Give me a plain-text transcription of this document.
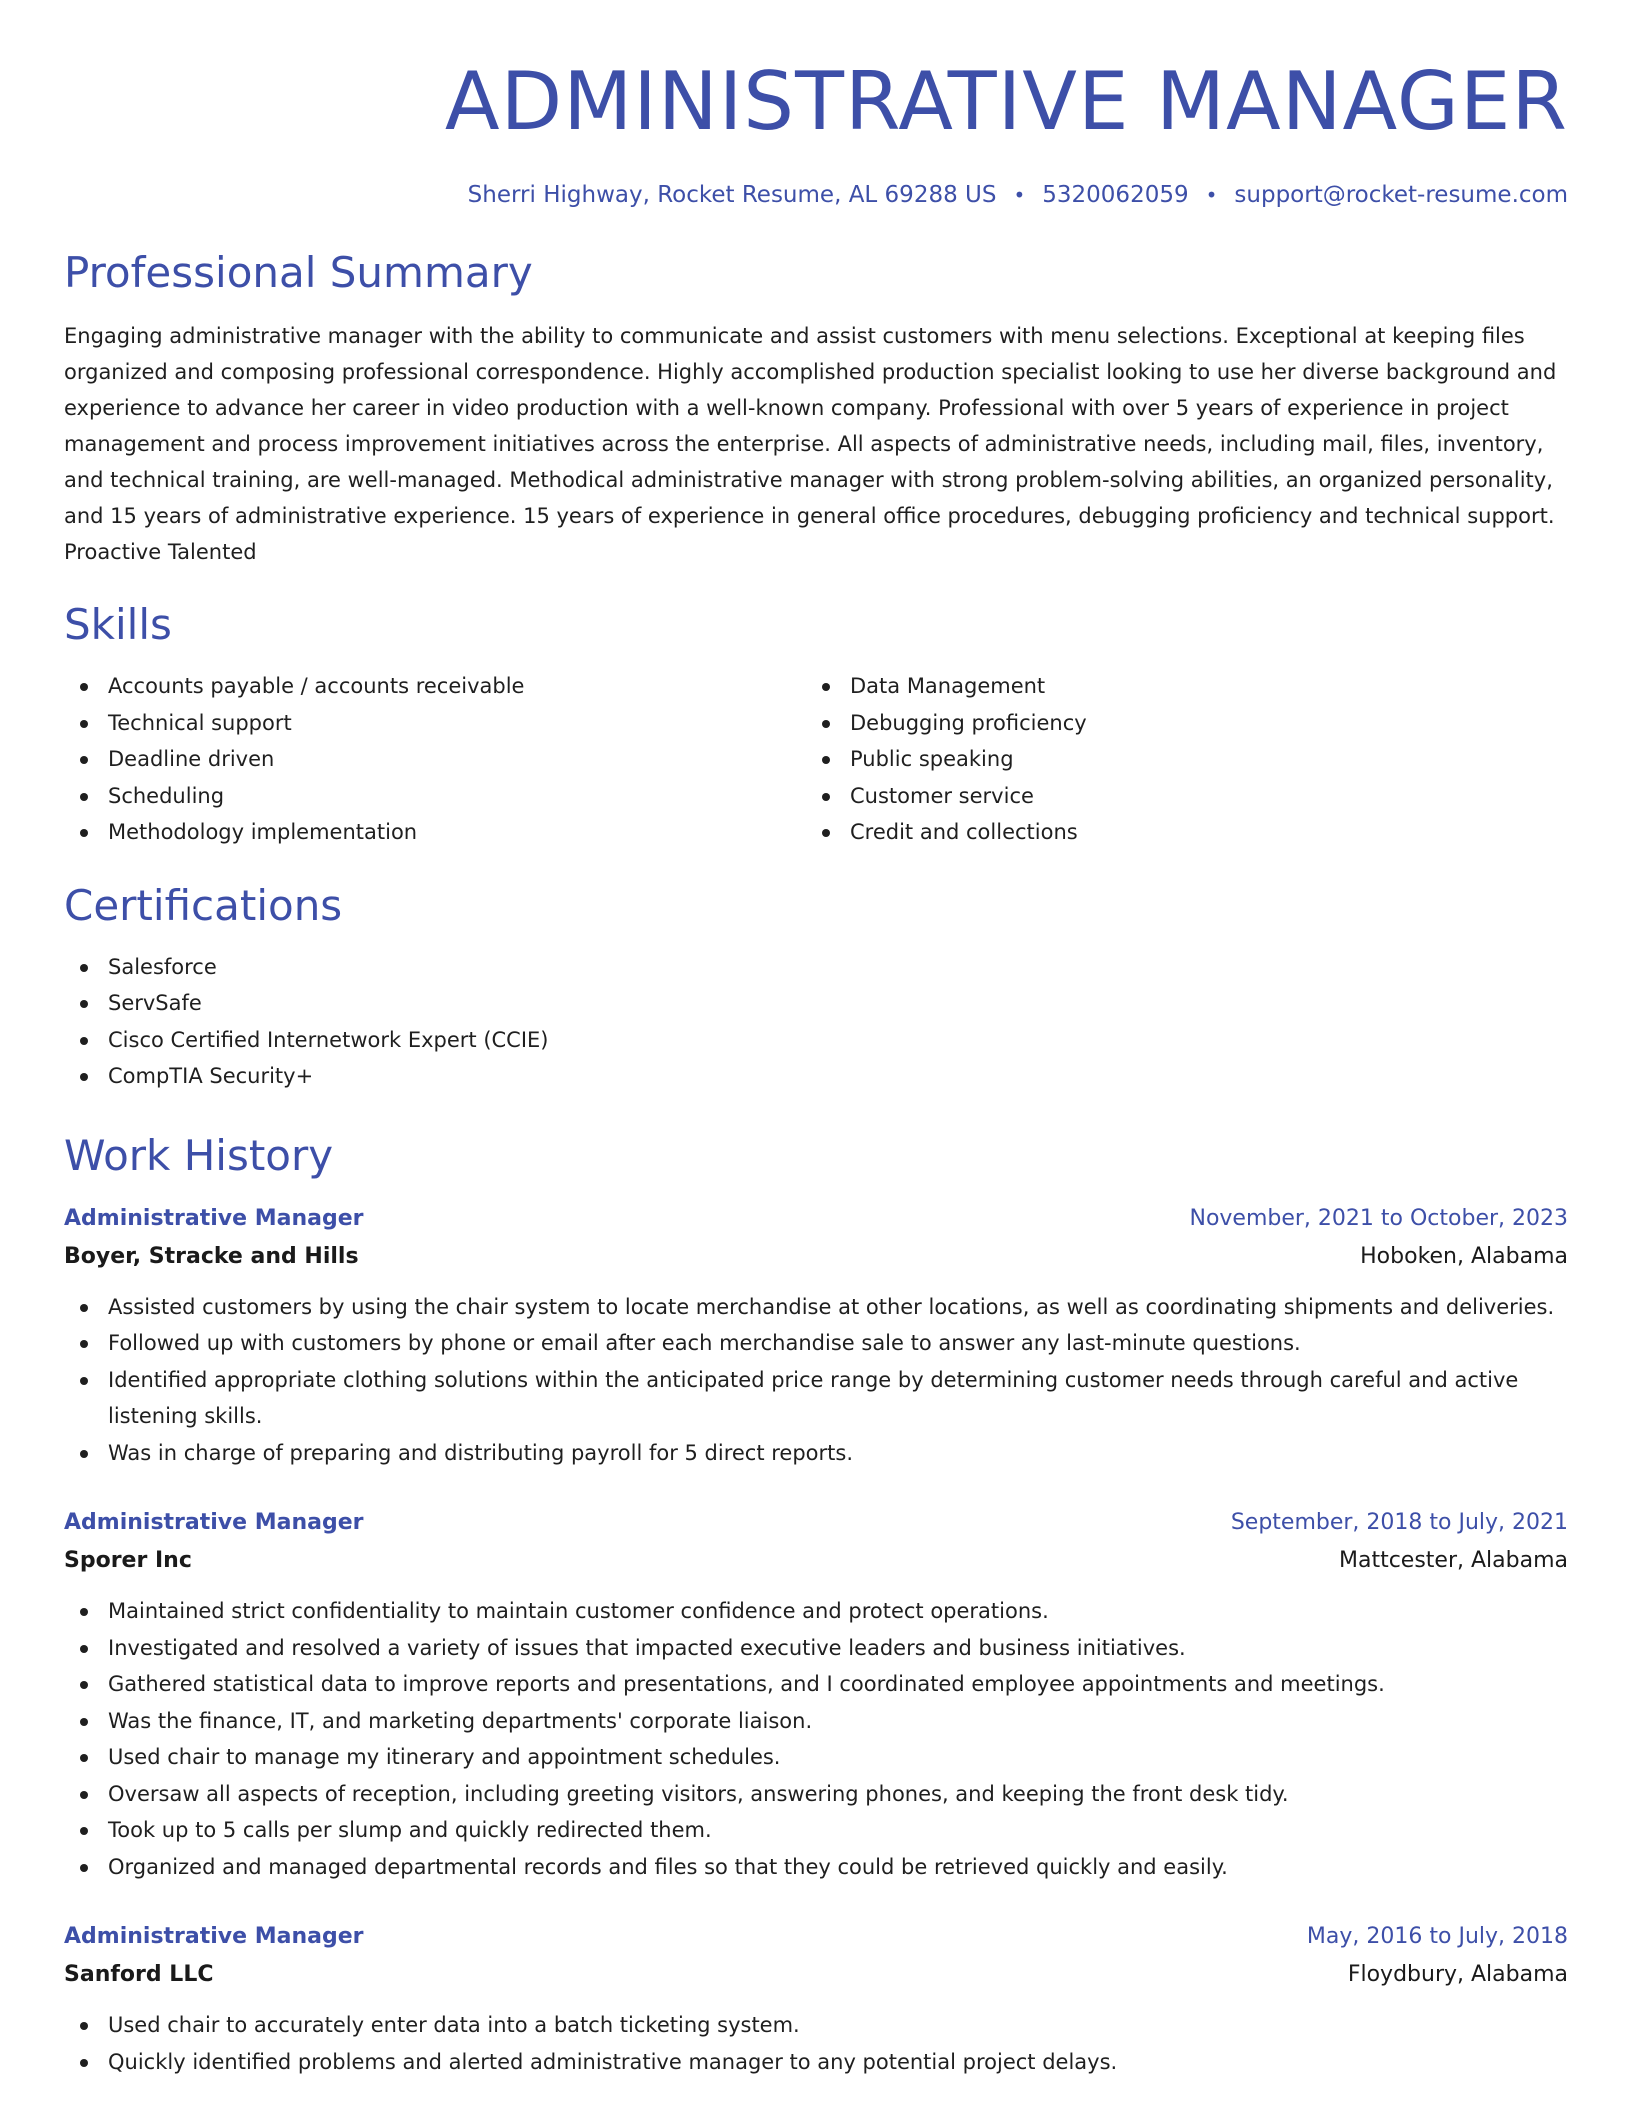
ADMINISTRATIVE MANAGER
Sherri Highway, Rocket Resume, AL 69288 US • 5320062059 • support@rocket-resume.com
Professional Summary
Engaging administrative manager with the ability to communicate and assist customers with menu selections. Exceptional at keeping files organized and composing professional correspondence. Highly accomplished production specialist looking to use her diverse background and experience to advance her career in video production with a well-known company. Professional with over 5 years of experience in project management and process improvement initiatives across the enterprise. All aspects of administrative needs, including mail, files, inventory, and technical training, are well-managed. Methodical administrative manager with strong problem-solving abilities, an organized personality, and 15 years of administrative experience. 15 years of experience in general office procedures, debugging proficiency and technical support. Proactive Talented
Skills
Accounts payable / accounts receivable
Technical support
Deadline driven
Scheduling
Methodology implementation
Data Management
Debugging proficiency
Public speaking
Customer service
Credit and collections
Certifications
Salesforce
ServSafe
Cisco Certified Internetwork Expert (CCIE)
CompTIA Security+
Work History
Administrative Manager	November, 2021 to October, 2023
Boyer, Stracke and Hills	Hoboken, Alabama
Assisted customers by using the chair system to locate merchandise at other locations, as well as coordinating shipments and deliveries.
Followed up with customers by phone or email after each merchandise sale to answer any last-minute questions.
Identified appropriate clothing solutions within the anticipated price range by determining customer needs through careful and active listening skills.
Was in charge of preparing and distributing payroll for 5 direct reports.
Administrative Manager	September, 2018 to July, 2021
Sporer Inc	Mattcester, Alabama
Maintained strict confidentiality to maintain customer confidence and protect operations.
Investigated and resolved a variety of issues that impacted executive leaders and business initiatives.
Gathered statistical data to improve reports and presentations, and I coordinated employee appointments and meetings.
Was the finance, IT, and marketing departments' corporate liaison.
Used chair to manage my itinerary and appointment schedules.
Oversaw all aspects of reception, including greeting visitors, answering phones, and keeping the front desk tidy.
Took up to 5 calls per slump and quickly redirected them.
Organized and managed departmental records and files so that they could be retrieved quickly and easily.
Administrative Manager	May, 2016 to July, 2018
Sanford LLC	Floydbury, Alabama
Used chair to accurately enter data into a batch ticketing system.
Quickly identified problems and alerted administrative manager to any potential project delays.
